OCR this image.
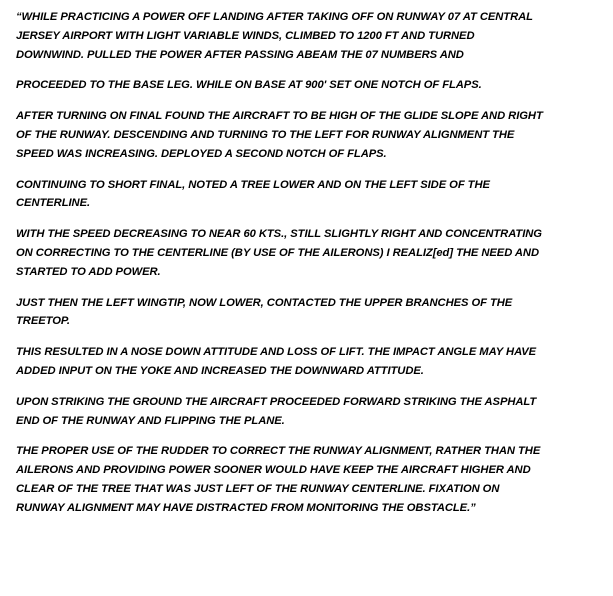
“WHILE PRACTICING A POWER OFF LANDING AFTER TAKING OFF ON RUNWAY 07 AT CENTRAL
JERSEY AIRPORT WITH LIGHT VARIABLE WINDS, CLIMBED TO 1200 FT AND TURNED
DOWNWIND. PULLED THE POWER AFTER PASSING ABEAM THE 07 NUMBERS AND

PROCEEDED TO THE BASE LEG. WHILE ON BASE AT 900' SET ONE NOTCH OF FLAPS.

AFTER TURNING ON FINAL FOUND THE AIRCRAFT TO BE HIGH OF THE GLIDE SLOPE AND RIGHT
OF THE RUNWAY. DESCENDING AND TURNING TO THE LEFT FOR RUNWAY ALIGNMENT THE
SPEED WAS INCREASING. DEPLOYED A SECOND NOTCH OF FLAPS.

CONTINUING TO SHORT FINAL, NOTED A TREE LOWER AND ON THE LEFT SIDE OF THE
CENTERLINE.

WITH THE SPEED DECREASING TO NEAR 60 KTS., STILL SLIGHTLY RIGHT AND CONCENTRATING
ON CORRECTING TO THE CENTERLINE (BY USE OF THE AILERONS) I REALIZ[ed] THE NEED AND
STARTED TO ADD POWER.

JUST THEN THE LEFT WINGTIP, NOW LOWER, CONTACTED THE UPPER BRANCHES OF THE
TREETOP.

THIS RESULTED IN A NOSE DOWN ATTITUDE AND LOSS OF LIFT. THE IMPACT ANGLE MAY HAVE
ADDED INPUT ON THE YOKE AND INCREASED THE DOWNWARD ATTITUDE.

UPON STRIKING THE GROUND THE AIRCRAFT PROCEEDED FORWARD STRIKING THE ASPHALT
END OF THE RUNWAY AND FLIPPING THE PLANE.

THE PROPER USE OF THE RUDDER TO CORRECT THE RUNWAY ALIGNMENT, RATHER THAN THE
AILERONS AND PROVIDING POWER SOONER WOULD HAVE KEEP THE AIRCRAFT HIGHER AND
CLEAR OF THE TREE THAT WAS JUST LEFT OF THE RUNWAY CENTERLINE. FIXATION ON
RUNWAY ALIGNMENT MAY HAVE DISTRACTED FROM MONITORING THE OBSTACLE.”
